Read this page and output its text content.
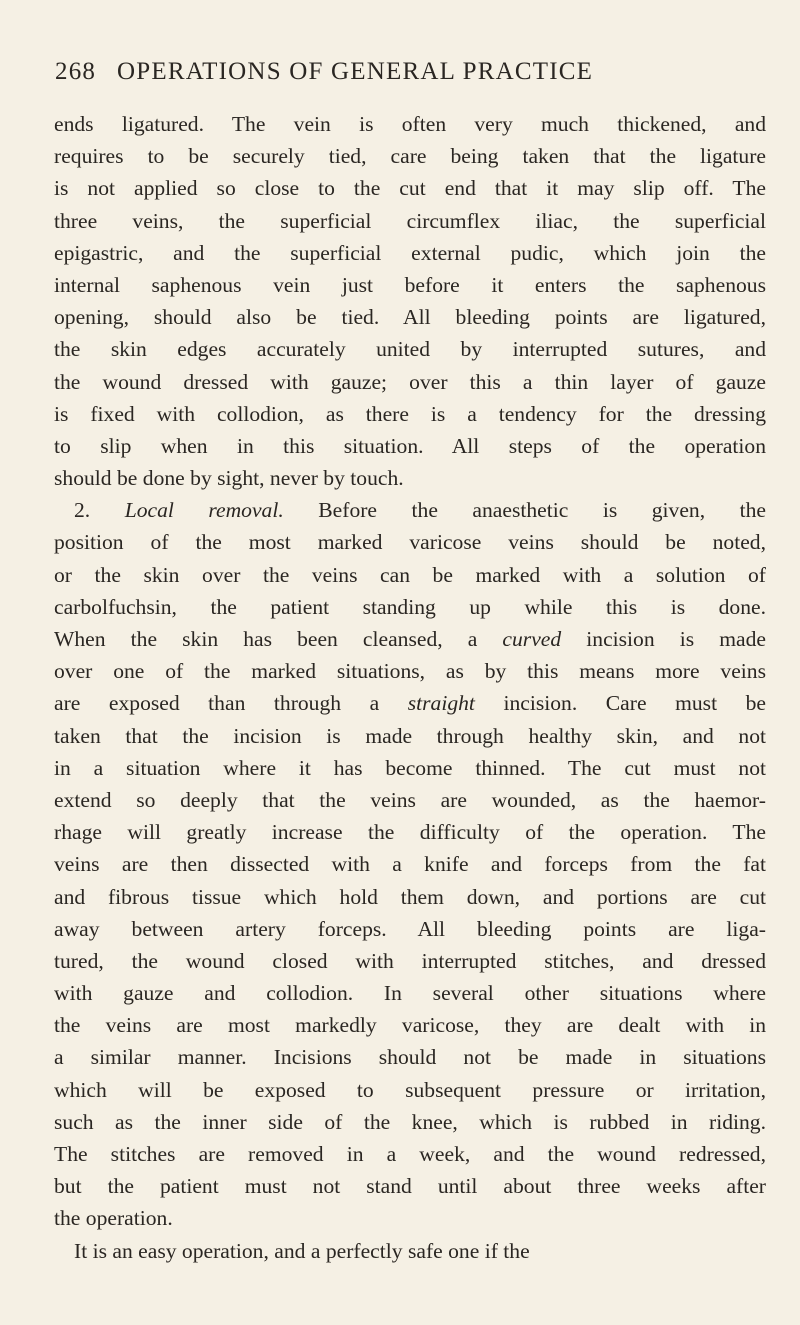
268 OPERATIONS OF GENERAL PRACTICE
ends ligatured. The vein is often very much thickened, and
requires to be securely tied, care being taken that the ligature
is not applied so close to the cut end that it may slip off. The
three veins, the superficial circumflex iliac, the superficial
epigastric, and the superficial external pudic, which join the
internal saphenous vein just before it enters the saphenous
opening, should also be tied. All bleeding points are ligatured,
the skin edges accurately united by interrupted sutures, and
the wound dressed with gauze; over this a thin layer of gauze
is fixed with collodion, as there is a tendency for the dressing
to slip when in this situation. All steps of the operation
should be done by sight, never by touch.
2. Local removal. Before the anaesthetic is given, the
position of the most marked varicose veins should be noted,
or the skin over the veins can be marked with a solution of
carbolfuchsin, the patient standing up while this is done.
When the skin has been cleansed, a curved incision is made
over one of the marked situations, as by this means more veins
are exposed than through a straight incision. Care must be
taken that the incision is made through healthy skin, and not
in a situation where it has become thinned. The cut must not
extend so deeply that the veins are wounded, as the haemor-
rhage will greatly increase the difficulty of the operation. The
veins are then dissected with a knife and forceps from the fat
and fibrous tissue which hold them down, and portions are cut
away between artery forceps. All bleeding points are liga-
tured, the wound closed with interrupted stitches, and dressed
with gauze and collodion. In several other situations where
the veins are most markedly varicose, they are dealt with in
a similar manner. Incisions should not be made in situations
which will be exposed to subsequent pressure or irritation,
such as the inner side of the knee, which is rubbed in riding.
The stitches are removed in a week, and the wound redressed,
but the patient must not stand until about three weeks after
the operation.
It is an easy operation, and a perfectly safe one if the
